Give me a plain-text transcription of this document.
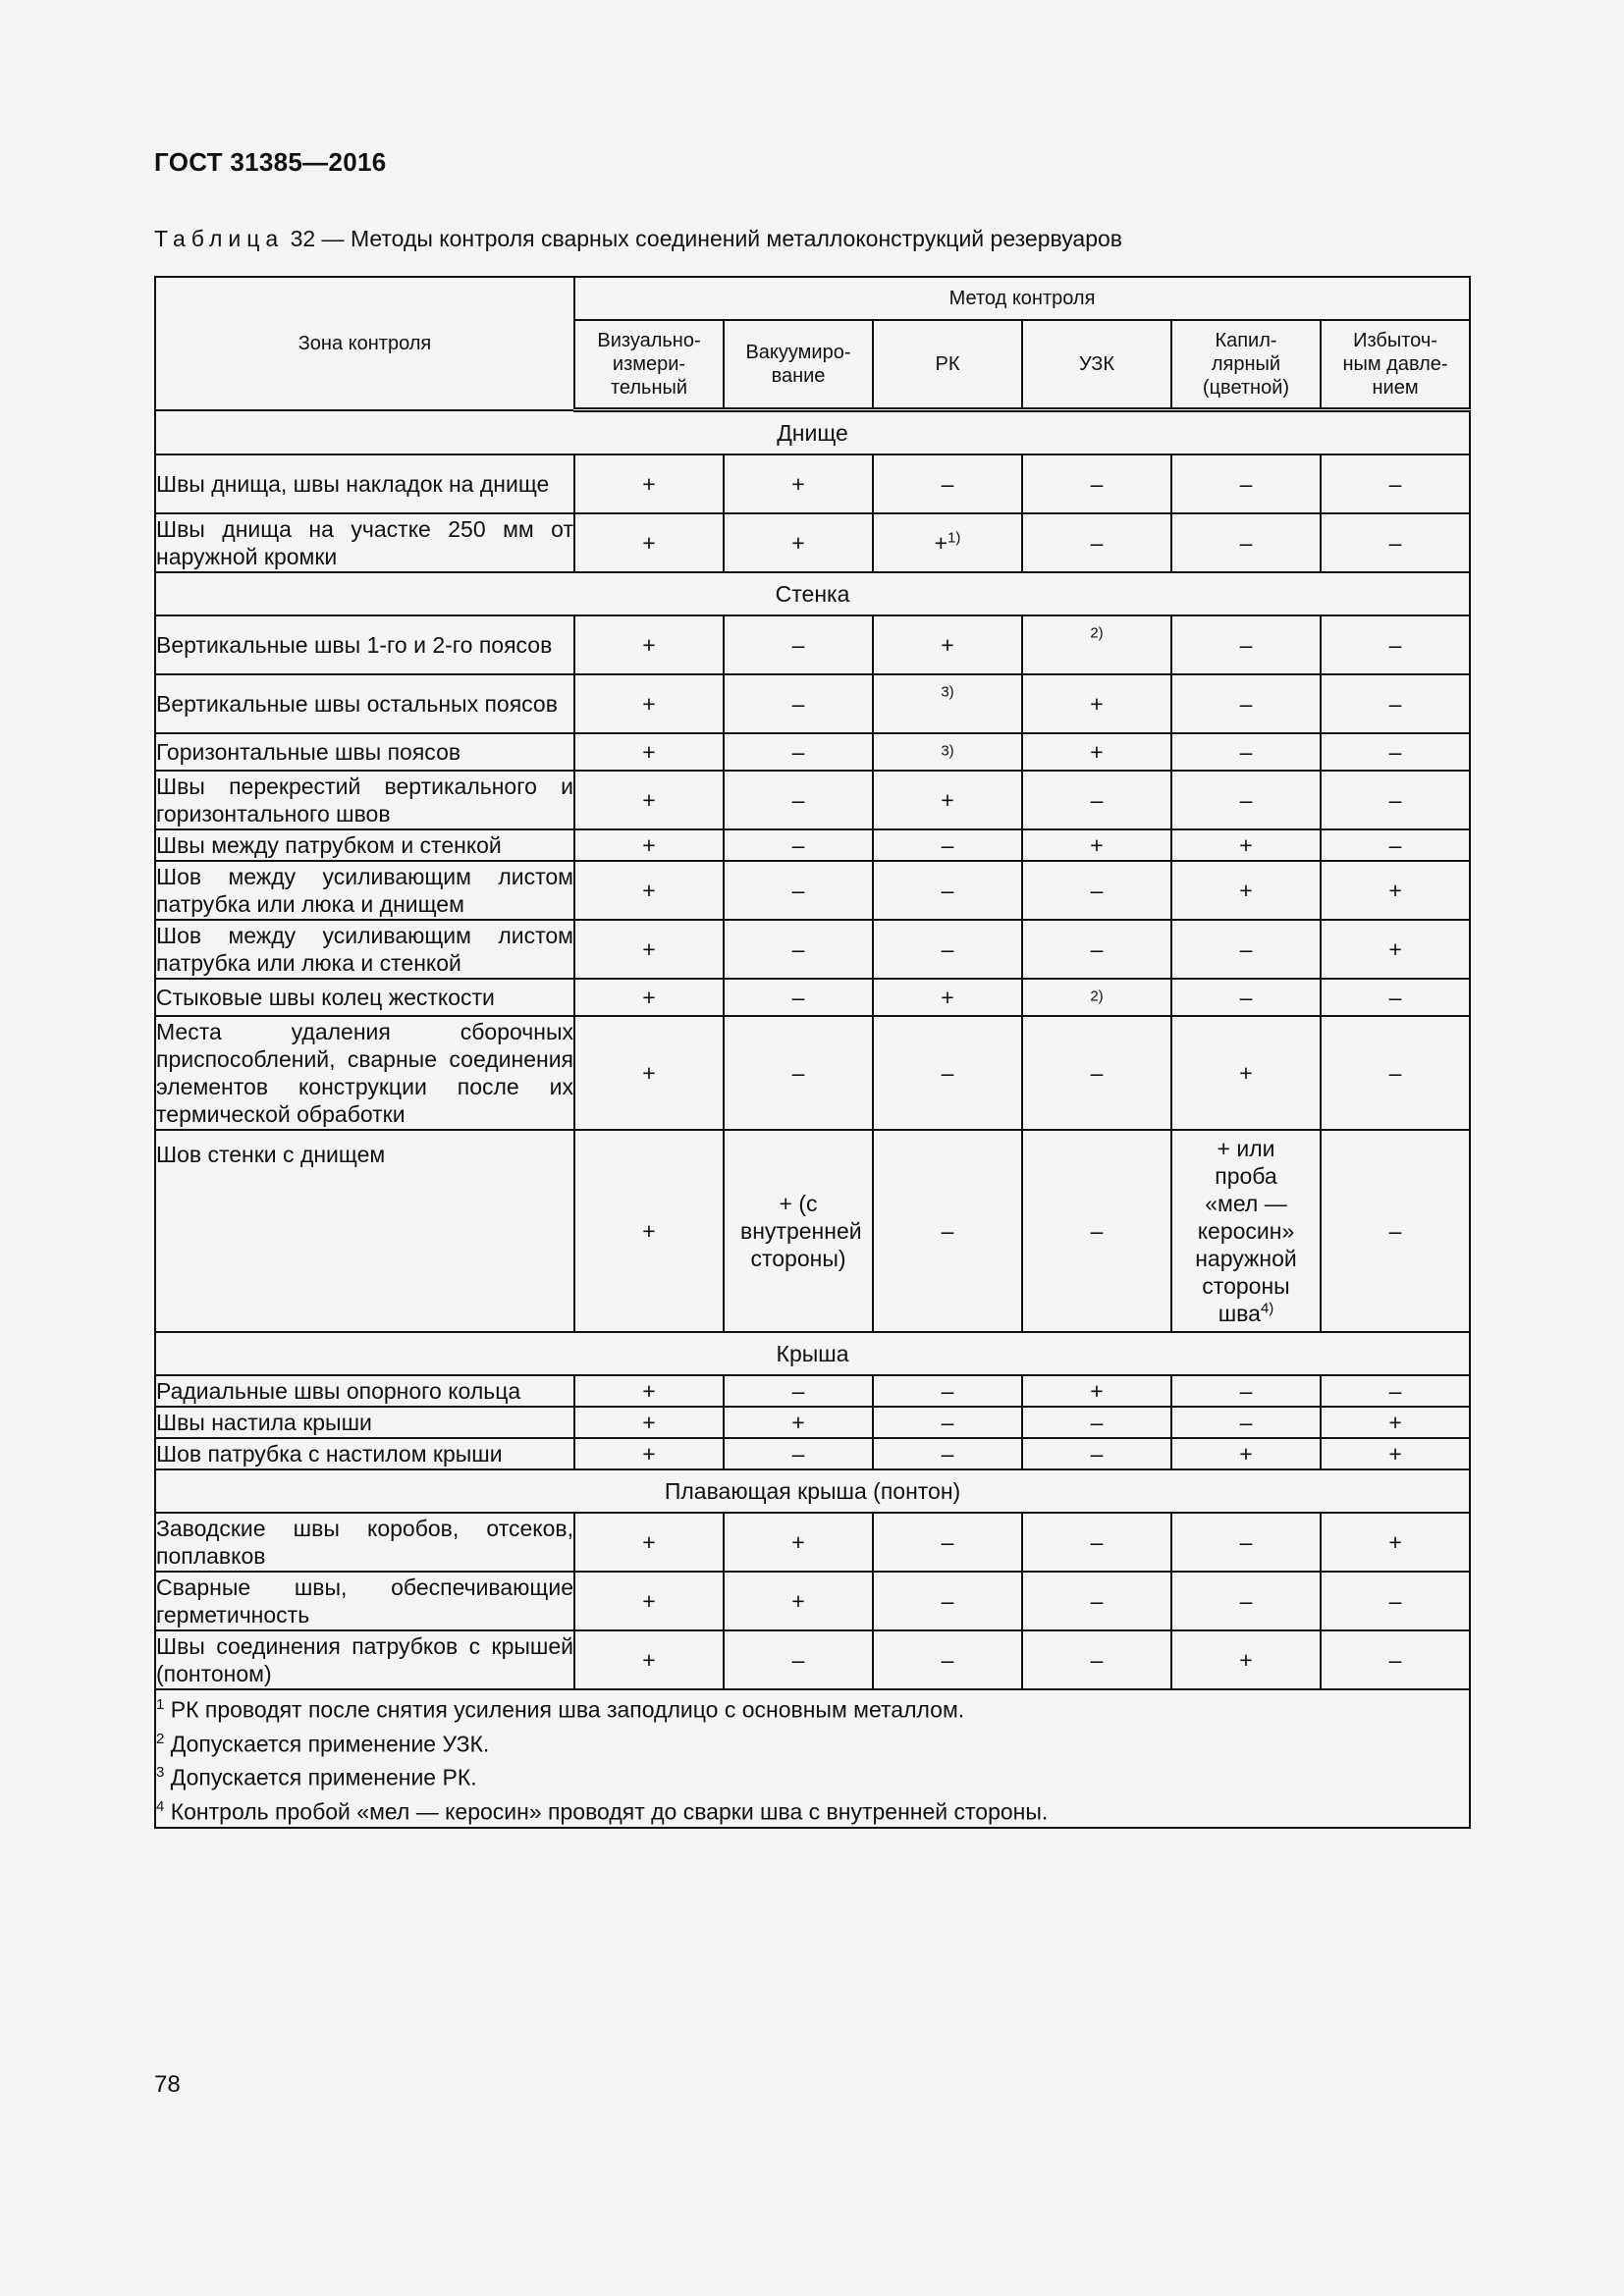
ГОСТ 31385—2016
Таблица 32 — Методы контроля сварных соединений металлоконструкций резервуаров
Зона контроля	Метод контроля					
	Визуально-измери-тельный	Вакуумиро-вание	РК	УЗК	Капил-лярный (цветной)	Избыточ-ным давле-нием
Днище						
Швы днища, швы накладок на днище	+	+	–	–	–	–
Швы днища на участке 250 мм от наружной кромки	+	+	+$^{1)}$	–	–	–
Стенка						
Вертикальные швы 1-го и 2-го поясов	+	–	+	$^{2)}$	–	–
Вертикальные швы остальных поясов	+	–	$^{3)}$	+	–	–
Горизонтальные швы поясов	+	–	$^{3)}$	+	–	–
Швы перекрестий вертикального и горизонтального швов	+	–	+	–	–	–
Швы между патрубком и стенкой	+	–	–	+	+	–
Шов между усиливающим листом патрубка или люка и днищем	+	–	–	–	+	+
Шов между усиливающим листом патрубка или люка и стенкой	+	–	–	–	–	+
Стыковые швы колец жесткости	+	–	+	$^{2)}$	–	–
Места удаления сборочных приспособлений, сварные соединения элементов конструкции после их термической обработки	+	–	–	–	+	–
Шов стенки с днищем	+	+ (с внутренней стороны)	–	–	+ или проба «мел — керосин» наружной стороны шва$^{4)}$	–
Крыша						
Радиальные швы опорного кольца	+	–	–	+	–	–
Швы настила крыши	+	+	–	–	–	+
Шов патрубка с настилом крыши	+	–	–	–	+	+
Плавающая крыша (понтон)						
Заводские швы коробов, отсеков, поплавков	+	+	–	–	–	+
Сварные швы, обеспечивающие герметичность	+	+	–	–	–	–
Швы соединения патрубков с крышей (понтоном)	+	–	–	–	+	–

$^1$ РК проводят после снятия усиления шва заподлицо с основным металлом.
$^2$ Допускается применение УЗК.
$^3$ Допускается применение РК.
$^4$ Контроль пробой «мел — керосин» проводят до сварки шва с внутренней стороны.						
78
